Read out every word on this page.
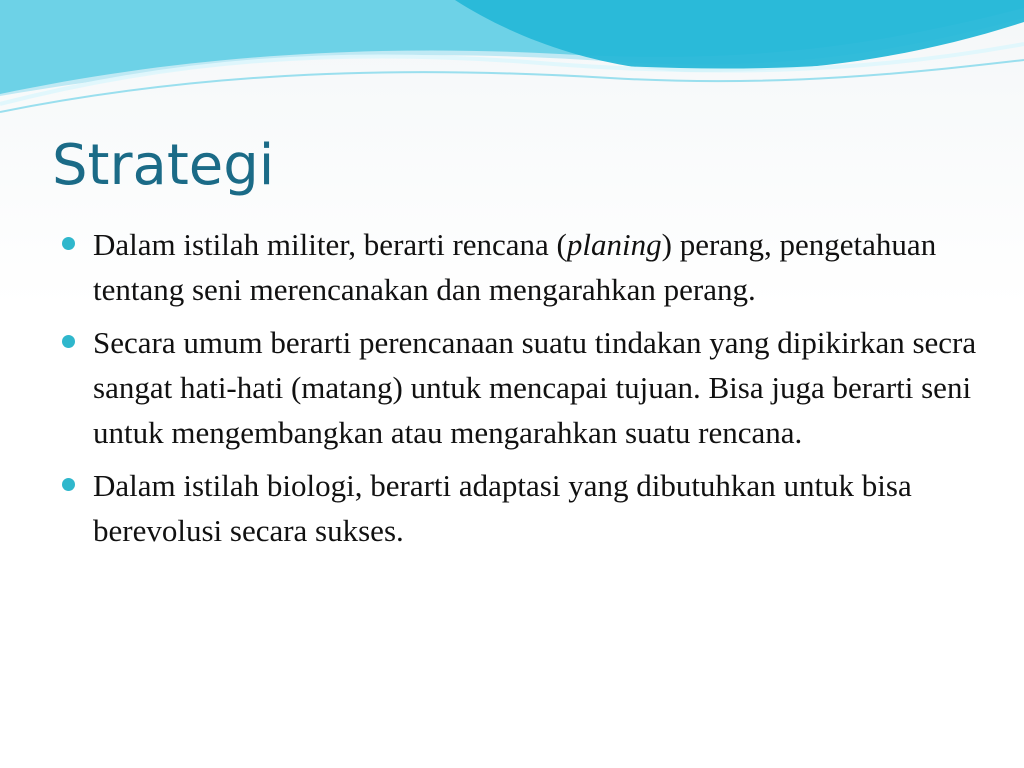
Strategi
Dalam istilah militer, berarti rencana (planing) perang, pengetahuan tentang seni merencanakan dan mengarahkan perang.
Secara umum berarti perencanaan suatu tindakan yang dipikirkan secra sangat hati-hati (matang) untuk mencapai tujuan. Bisa juga berarti seni untuk mengembangkan atau mengarahkan suatu rencana.
Dalam istilah biologi, berarti adaptasi yang dibutuhkan untuk bisa berevolusi secara sukses.
